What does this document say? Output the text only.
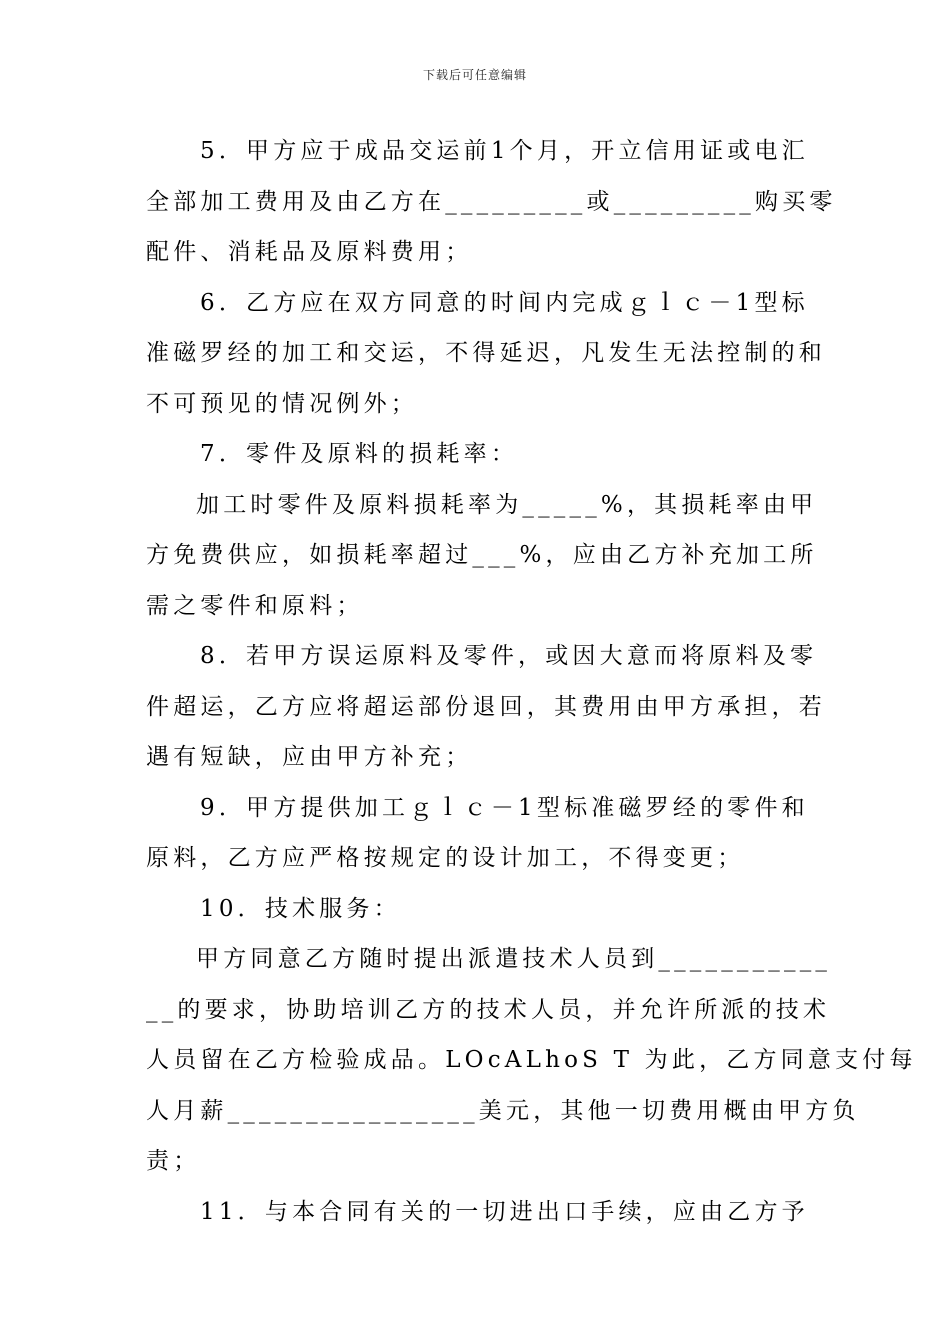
下载后可任意编辑

5．甲方应于成品交运前1个月，开立信用证或电汇
全部加工费用及由乙方在_________或_________购买零
配件、消耗品及原料费用；

6．乙方应在双方同意的时间内完成ｇｌｃ－1型标
准磁罗经的加工和交运，不得延迟，凡发生无法控制的和
不可预见的情况例外；

7．零件及原料的损耗率：
加工时零件及原料损耗率为_____%，其损耗率由甲
方免费供应，如损耗率超过___%，应由乙方补充加工所
需之零件和原料；

8．若甲方误运原料及零件，或因大意而将原料及零
件超运，乙方应将超运部份退回，其费用由甲方承担，若
遇有短缺，应由甲方补充；

9．甲方提供加工ｇｌｃ－1型标准磁罗经的零件和
原料，乙方应严格按规定的设计加工，不得变更；

10．技术服务：
甲方同意乙方随时提出派遣技术人员到___________
__的要求，协助培训乙方的技术人员，并允许所派的技术
人员留在乙方检验成品。LOcALhoS T 为此，乙方同意支付每
人月薪________________美元，其他一切费用概由甲方负
责；

11．与本合同有关的一切进出口手续，应由乙方予
